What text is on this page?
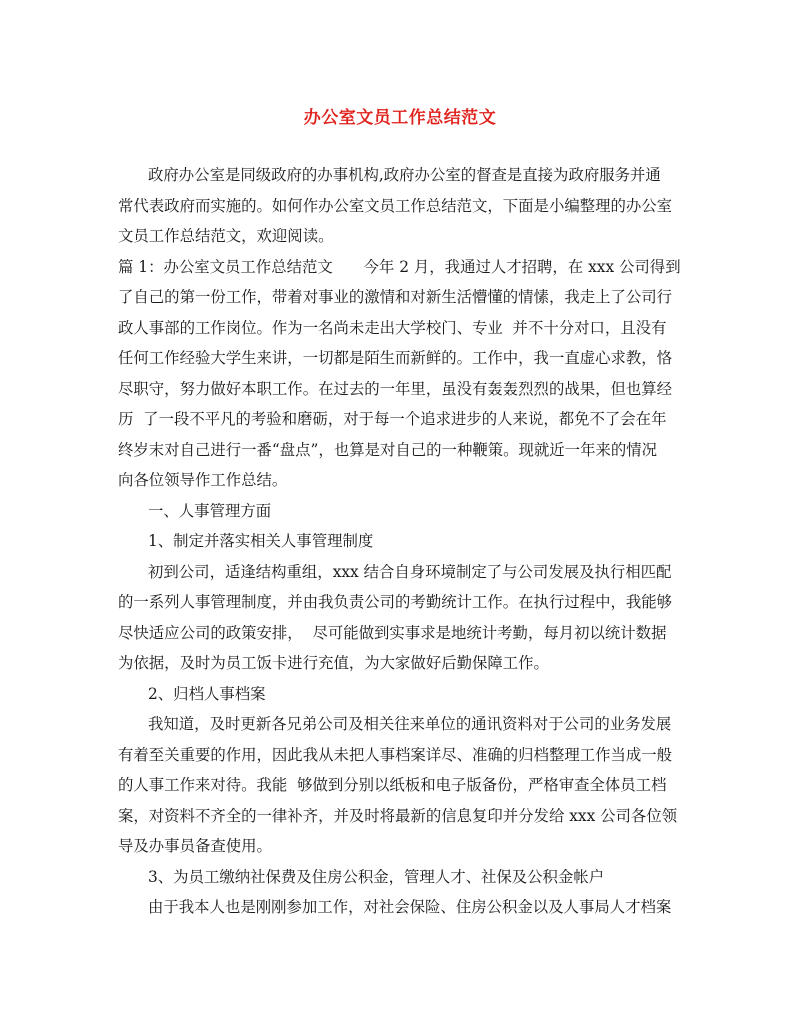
办公室文员工作总结范文
政府办公室是同级政府的办事机构,政府办公室的督查是直接为政府服务并通
常代表政府而实施的。如何作办公室文员工作总结范文，下面是小编整理的办公室
文员工作总结范文，欢迎阅读。
篇 1：办公室文员工作总结范文　　今年 2 月，我通过人才招聘，在 xxx 公司得到
了自己的第一份工作，带着对事业的激情和对新生活懵懂的情愫，我走上了公司行
政人事部的工作岗位。作为一名尚未走出大学校门、专业  并不十分对口，且没有
任何工作经验大学生来讲，一切都是陌生而新鲜的。工作中，我一直虚心求教，恪
尽职守，努力做好本职工作。在过去的一年里，虽没有轰轰烈烈的战果，但也算经
历  了一段不平凡的考验和磨砺，对于每一个追求进步的人来说，都免不了会在年
终岁末对自己进行一番“盘点”，也算是对自己的一种鞭策。现就近一年来的情况
向各位领导作工作总结。
一、人事管理方面
1、制定并落实相关人事管理制度
初到公司，适逢结构重组，xxx 结合自身环境制定了与公司发展及执行相匹配
的一系列人事管理制度，并由我负责公司的考勤统计工作。在执行过程中，我能够
尽快适应公司的政策安排，  尽可能做到实事求是地统计考勤，每月初以统计数据
为依据，及时为员工饭卡进行充值，为大家做好后勤保障工作。
2、归档人事档案
我知道，及时更新各兄弟公司及相关往来单位的通讯资料对于公司的业务发展
有着至关重要的作用，因此我从未把人事档案详尽、准确的归档整理工作当成一般
的人事工作来对待。我能  够做到分别以纸板和电子版备份，严格审查全体员工档
案，对资料不齐全的一律补齐，并及时将最新的信息复印并分发给 xxx 公司各位领
导及办事员备查使用。
3、为员工缴纳社保费及住房公积金，管理人才、社保及公积金帐户
由于我本人也是刚刚参加工作，对社会保险、住房公积金以及人事局人才档案
